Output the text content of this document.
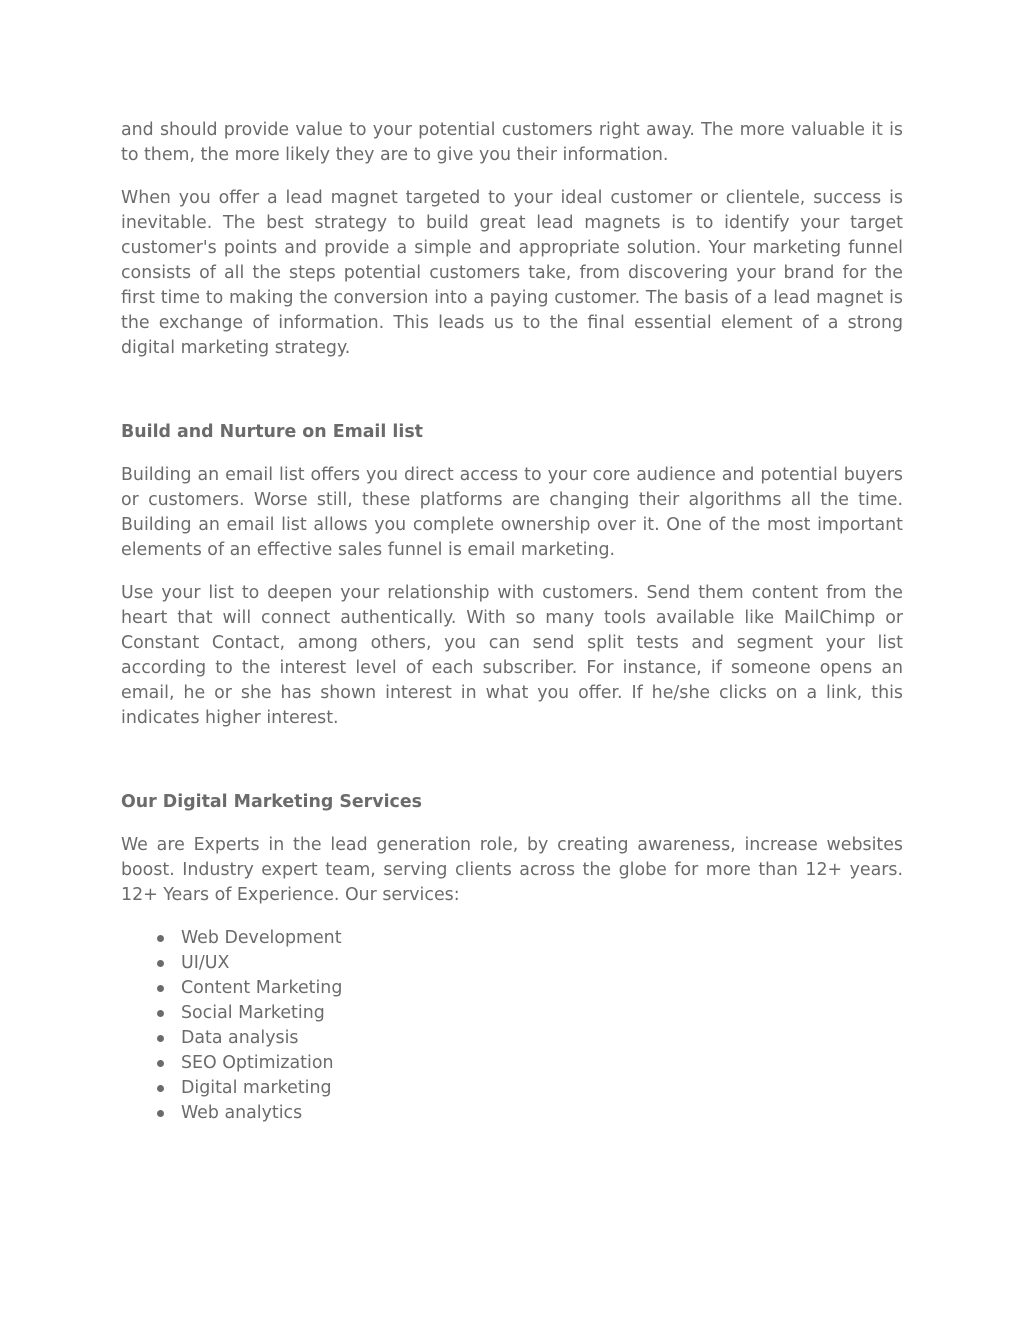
and should provide value to your potential customers right away. The more valuable it is to them, the more likely they are to give you their information.

When you offer a lead magnet targeted to your ideal customer or clientele, success is inevitable. The best strategy to build great lead magnets is to identify your target customer's points and provide a simple and appropriate solution. Your marketing funnel consists of all the steps potential customers take, from discovering your brand for the first time to making the conversion into a paying customer. The basis of a lead magnet is the exchange of information. This leads us to the final essential element of a strong digital marketing strategy.

Build and Nurture on Email list

Building an email list offers you direct access to your core audience and potential buyers or customers. Worse still, these platforms are changing their algorithms all the time. Building an email list allows you complete ownership over it. One of the most important elements of an effective sales funnel is email marketing.

Use your list to deepen your relationship with customers. Send them content from the heart that will connect authentically. With so many tools available like MailChimp or Constant Contact, among others, you can send split tests and segment your list according to the interest level of each subscriber. For instance, if someone opens an email, he or she has shown interest in what you offer. If he/she clicks on a link, this indicates higher interest.

Our Digital Marketing Services

We are Experts in the lead generation role, by creating awareness, increase websites boost. Industry expert team, serving clients across the globe for more than 12+ years. 12+ Years of Experience. Our services:

Web Development
UI/UX
Content Marketing
Social Marketing
Data analysis
SEO Optimization
Digital marketing
Web analytics
